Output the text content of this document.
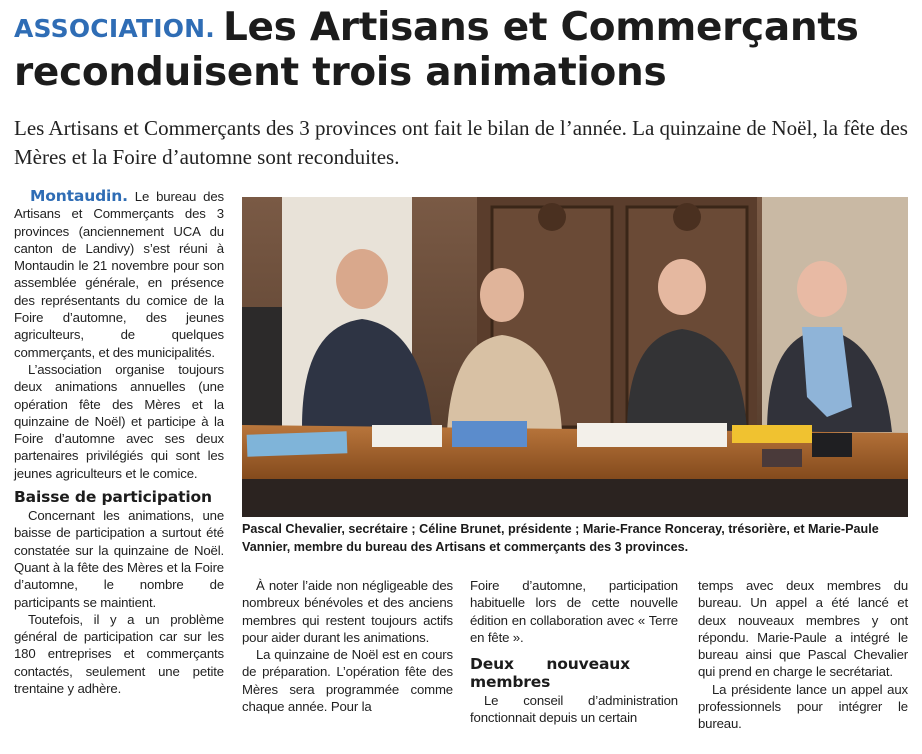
ASSOCIATION. Les Artisans et Commerçants reconduisent trois animations
Les Artisans et Commerçants des 3 provinces ont fait le bilan de l’année. La quinzaine de Noël, la fête des Mères et la Foire d’automne sont reconduites.

Montaudin. Le bureau des Artisans et Commerçants des 3 provinces (anciennement UCA du canton de Landivy) s’est réuni à Montaudin le 21 novembre pour son assemblée générale, en présence des représentants du comice de la Foire d’automne, des jeunes agriculteurs, de quelques commerçants, et des municipalités.

L’association organise toujours deux animations annuelles (une opération fête des Mères et la quinzaine de Noël) et participe à la Foire d’automne avec ses deux partenaires privilégiés qui sont les jeunes agriculteurs et le comice.

Baisse de participation

Concernant les animations, une baisse de participation a surtout été constatée sur la quinzaine de Noël. Quant à la fête des Mères et la Foire d’automne, le nombre de participants se maintient.

Toutefois, il y a un problème général de participation car sur les 180 entreprises et commerçants contactés, seulement une petite trentaine y adhère.

Pascal Chevalier, secrétaire ; Céline Brunet, présidente ; Marie-France Ronceray, trésorière, et Marie-Paule Vannier, membre du bureau des Artisans et commerçants des 3 provinces.

À noter l’aide non négligeable des nombreux bénévoles et des anciens membres qui restent toujours actifs pour aider durant les animations.

La quinzaine de Noël est en cours de préparation. L’opération fête des Mères sera programmée comme chaque année. Pour la

Foire d’automne, participation habituelle lors de cette nouvelle édition en collaboration avec « Terre en fête ».

Deux nouveaux membres

Le conseil d’administration fonctionnait depuis un certain

temps avec deux membres du bureau. Un appel a été lancé et deux nouveaux membres y ont répondu. Marie-Paule a intégré le bureau ainsi que Pascal Chevalier qui prend en charge le secrétariat.

La présidente lance un appel aux professionnels pour intégrer le bureau.
